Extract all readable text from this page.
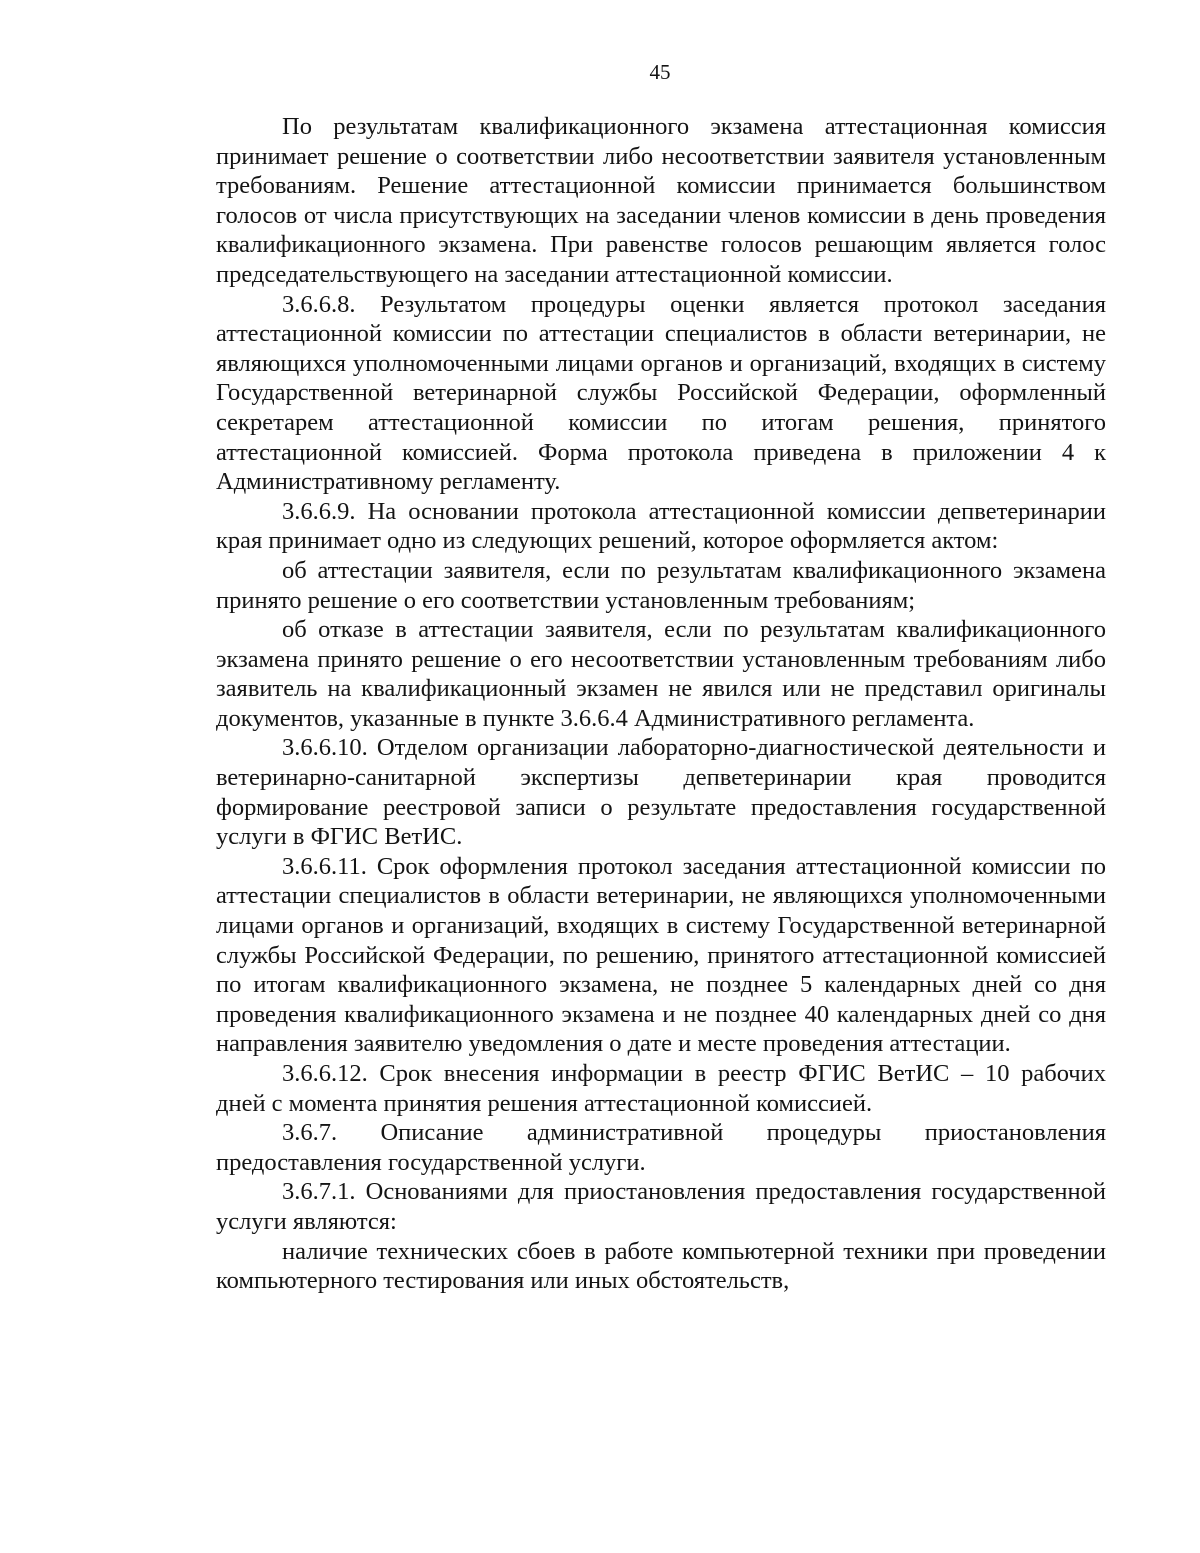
45

По результатам квалификационного экзамена аттестационная комиссия принимает решение о соответствии либо несоответствии заявителя установленным требованиям. Решение аттестационной комиссии принимается большинством голосов от числа присутствующих на заседании членов комиссии в день проведения квалификационного экзамена. При равенстве голосов решающим является голос председательствующего на заседании аттестационной комиссии.

3.6.6.8. Результатом процедуры оценки является протокол заседания аттестационной комиссии по аттестации специалистов в области ветеринарии, не являющихся уполномоченными лицами органов и организаций, входящих в систему Государственной ветеринарной службы Российской Федерации, оформленный секретарем аттестационной комиссии по итогам решения, принятого аттестационной комиссией. Форма протокола приведена в приложении 4 к Административному регламенту.

3.6.6.9. На основании протокола аттестационной комиссии депветеринарии края принимает одно из следующих решений, которое оформляется актом:

об аттестации заявителя, если по результатам квалификационного экзамена принято решение о его соответствии установленным требованиям;

об отказе в аттестации заявителя, если по результатам квалификационного экзамена принято решение о его несоответствии установленным требованиям либо заявитель на квалификационный экзамен не явился или не представил оригиналы документов, указанные в пункте 3.6.6.4 Административного регламента.

3.6.6.10. Отделом организации лабораторно-диагностической деятельности и ветеринарно-санитарной экспертизы депветеринарии края проводится формирование реестровой записи о результате предоставления государственной услуги в ФГИС ВетИС.

3.6.6.11. Срок оформления протокол заседания аттестационной комиссии по аттестации специалистов в области ветеринарии, не являющихся уполномоченными лицами органов и организаций, входящих в систему Государственной ветеринарной службы Российской Федерации, по решению, принятого аттестационной комиссией по итогам квалификационного экзамена, не позднее 5 календарных дней со дня проведения квалификационного экзамена и не позднее 40 календарных дней со дня направления заявителю уведомления о дате и месте проведения аттестации.

3.6.6.12. Срок внесения информации в реестр ФГИС ВетИС – 10 рабочих дней с момента принятия решения аттестационной комиссией.

3.6.7. Описание административной процедуры приостановления предоставления государственной услуги.

3.6.7.1. Основаниями для приостановления предоставления государственной услуги являются:

наличие технических сбоев в работе компьютерной техники при проведении компьютерного тестирования или иных обстоятельств,
